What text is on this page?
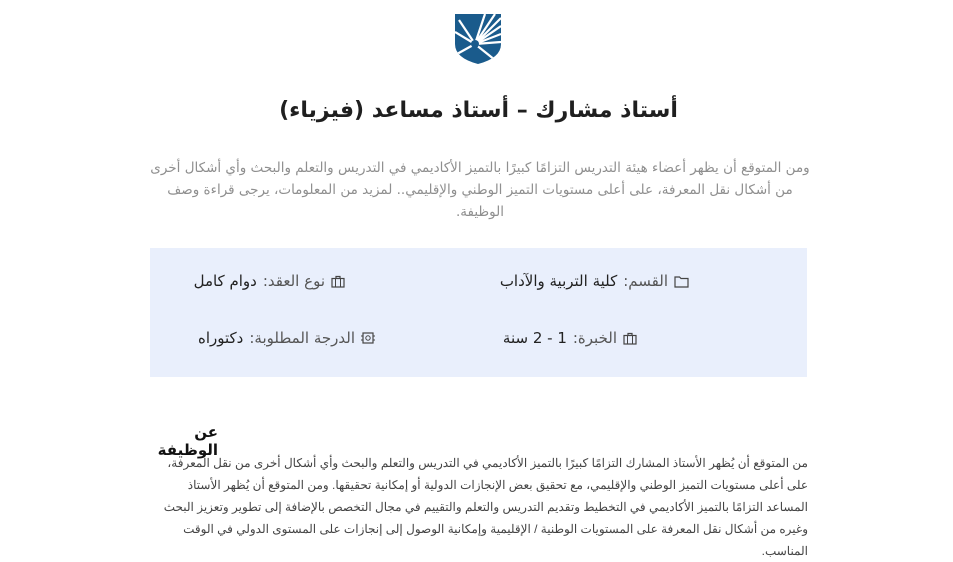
أستاذ مشارك – أستاذ مساعد (فيزياء)

ومن المتوقع أن يظهر أعضاء هيئة التدريس التزامًا كبيرًا بالتميز الأكاديمي في التدريس والتعلم والبحث وأي أشكال أخرى من أشكال نقل المعرفة، على أعلى مستويات التميز الوطني والإقليمي.. لمزيد من المعلومات، يرجى قراءة وصف الوظيفة.

القسم:
كلية التربية والآداب
نوع العقد:
دوام كامل
الخبرة:
1 - 2 سنة
الدرجة المطلوبة:
دكتوراه
عن الوظيفة

من المتوقع أن يُظهر الأستاذ المشارك التزامًا كبيرًا بالتميز الأكاديمي في التدريس والتعلم والبحث وأي أشكال أخرى من نقل المعرفة، على أعلى مستويات التميز الوطني والإقليمي، مع تحقيق بعض الإنجازات الدولية أو إمكانية تحقيقها. ومن المتوقع أن يُظهر الأستاذ المساعد التزامًا بالتميز الأكاديمي في التخطيط وتقديم التدريس والتعلم والتقييم في مجال التخصص بالإضافة إلى تطوير وتعزيز البحث وغيره من أشكال نقل المعرفة على المستويات الوطنية / الإقليمية وإمكانية الوصول إلى إنجازات على المستوى الدولي في الوقت المناسب.
